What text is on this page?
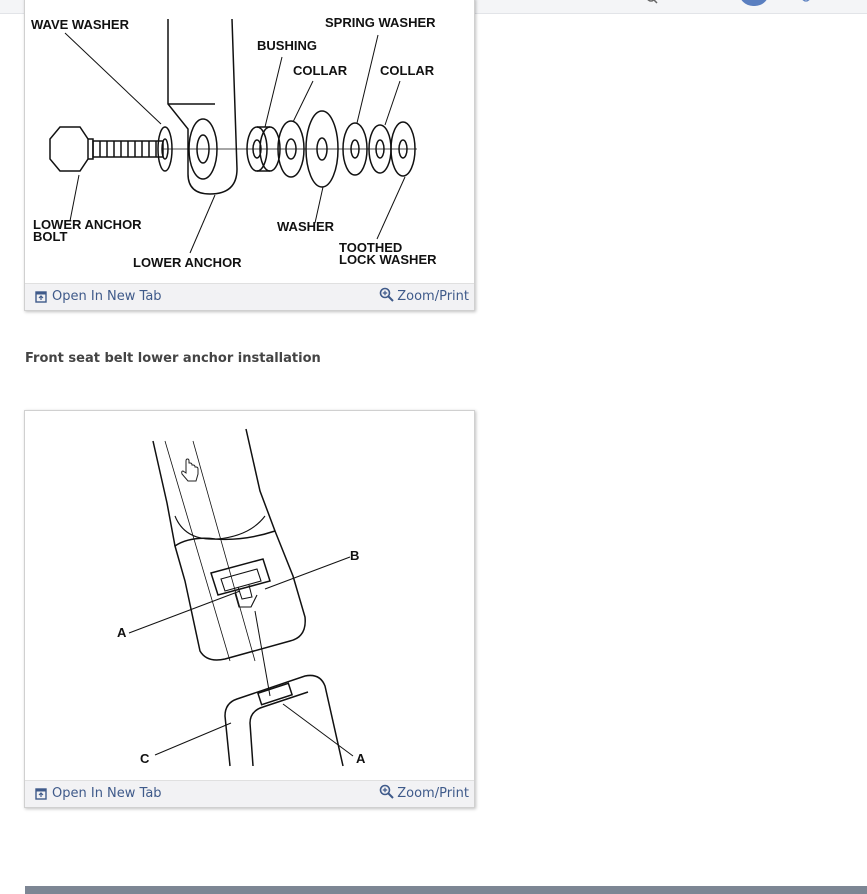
WAVE WASHER	SPRING WASHER
BUSHING
COLLAR	COLLAR
LOWER ANCHOR
BOLT
WASHER
TOOTHED
LOCK WASHER
LOWER ANCHOR
Open In New Tab	Zoom/Print
Front seat belt lower anchor installation
A
B
C	A
Open In New Tab	Zoom/Print
